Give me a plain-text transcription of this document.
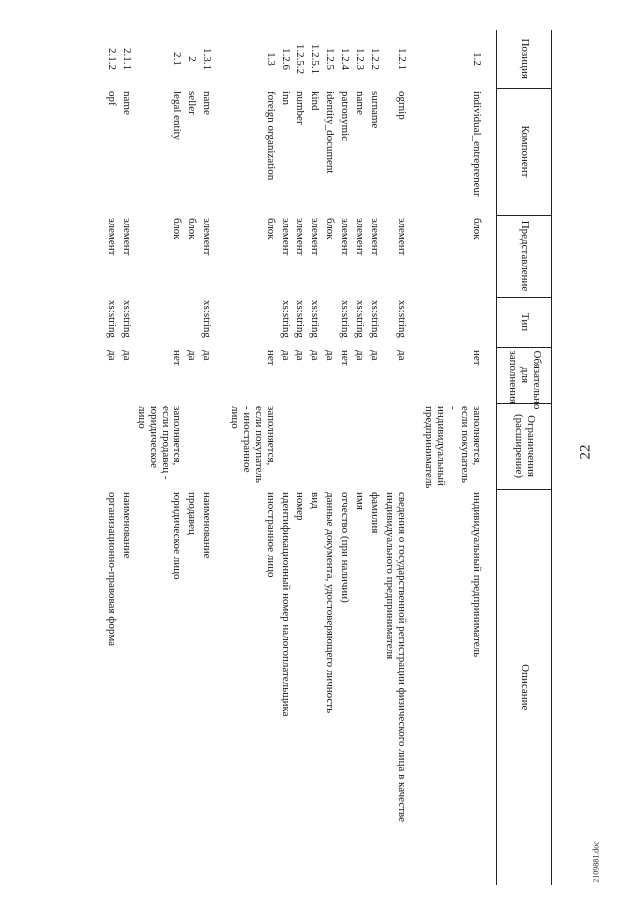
22
Позиция	Компонент	Представление	Тип	Обязательно для заполнения	Ограничения (расширение)	Описание
1.2	individual_entrepreneur	блок		нет	заполняется, если покупатель - индивидуальный предприниматель	индивидуальный предприниматель
1.2.1	ogrnip	элемент	xs:string	да		сведения о государственной регистрации физического лица в качестве индивидуального предпринимателя
1.2.2	surname	элемент	xs:string	да		фамилия
1.2.3	name	элемент	xs:string	да		имя
1.2.4	patronymic	элемент	xs:string	нет		отчество (при наличии)
1.2.5	identity_document	блок		да		данные документа, удостоверяющего личность
1.2.5.1	kind	элемент	xs:string	да		вид
1.2.5.2	number	элемент	xs:string	да		номер
1.2.6	inn	элемент	xs:string	да		идентификационный номер налогоплательщика
1.3	foreign organization	блок		нет	заполняется, если покупатель - иностранное лицо	иностранное лицо
1.3.1	name	элемент	xs:string	да		наименование
2	seller	блок		да		продавец
2.1	legal entity	блок		нет	заполняется, если продавец - юридическое лицо	юридическое лицо
2.1.1	name	элемент	xs:string	да		наименование
2.1.2	opf	элемент	xs:string	да		организационно-правовая форма
2109881.doc
